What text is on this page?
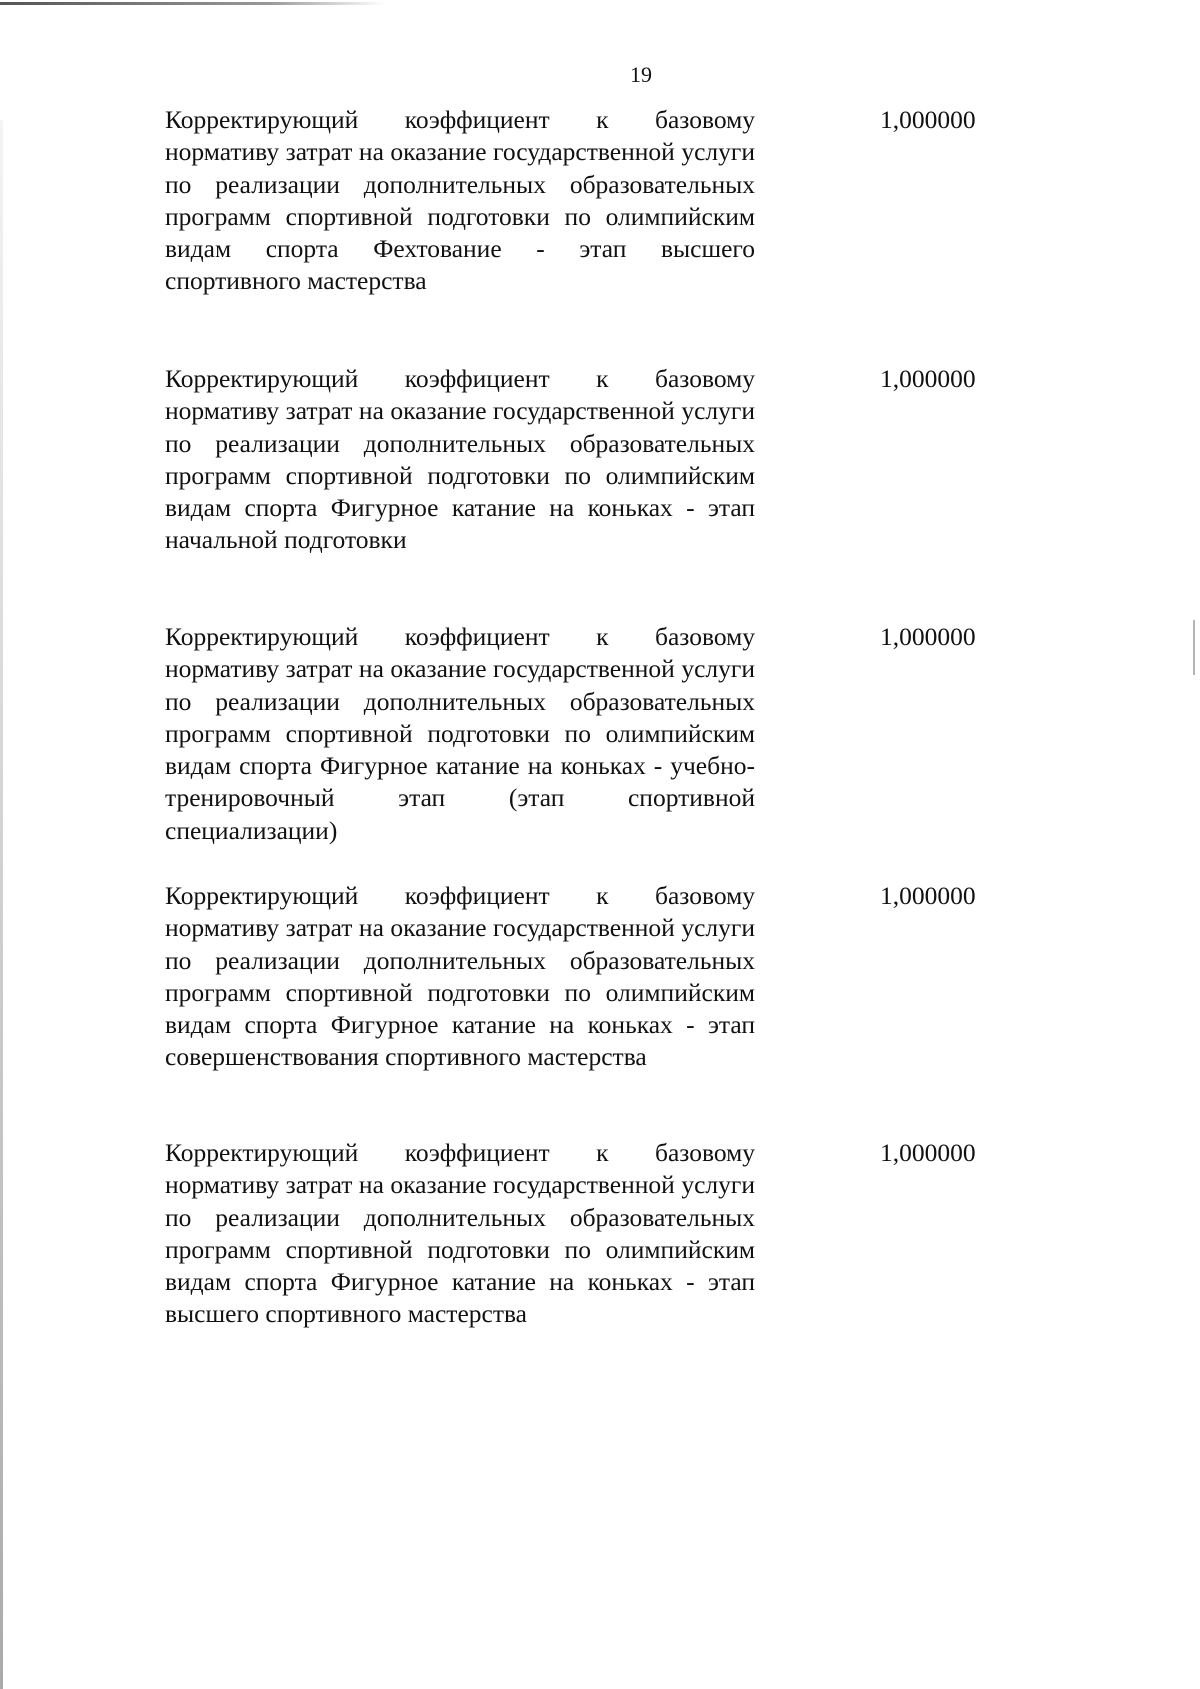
19
Корректирующий коэффициент к базовому нормативу затрат на оказание государственной услуги по реализации дополнительных образовательных программ спортивной подготовки по олимпийским видам спорта Фехтование - этап высшего спортивного мастерства
1,000000
Корректирующий коэффициент к базовому нормативу затрат на оказание государственной услуги по реализации дополнительных образовательных программ спортивной подготовки по олимпийским видам спорта Фигурное катание на коньках - этап начальной подготовки
1,000000
Корректирующий коэффициент к базовому нормативу затрат на оказание государственной услуги по реализации дополнительных образовательных программ спортивной подготовки по олимпийским видам спорта Фигурное катание на коньках - учебно-тренировочный этап (этап спортивной специализации)
1,000000
Корректирующий коэффициент к базовому нормативу затрат на оказание государственной услуги по реализации дополнительных образовательных программ спортивной подготовки по олимпийским видам спорта Фигурное катание на коньках - этап совершенствования спортивного мастерства
1,000000
Корректирующий коэффициент к базовому нормативу затрат на оказание государственной услуги по реализации дополнительных образовательных программ спортивной подготовки по олимпийским видам спорта Фигурное катание на коньках - этап высшего спортивного мастерства
1,000000
